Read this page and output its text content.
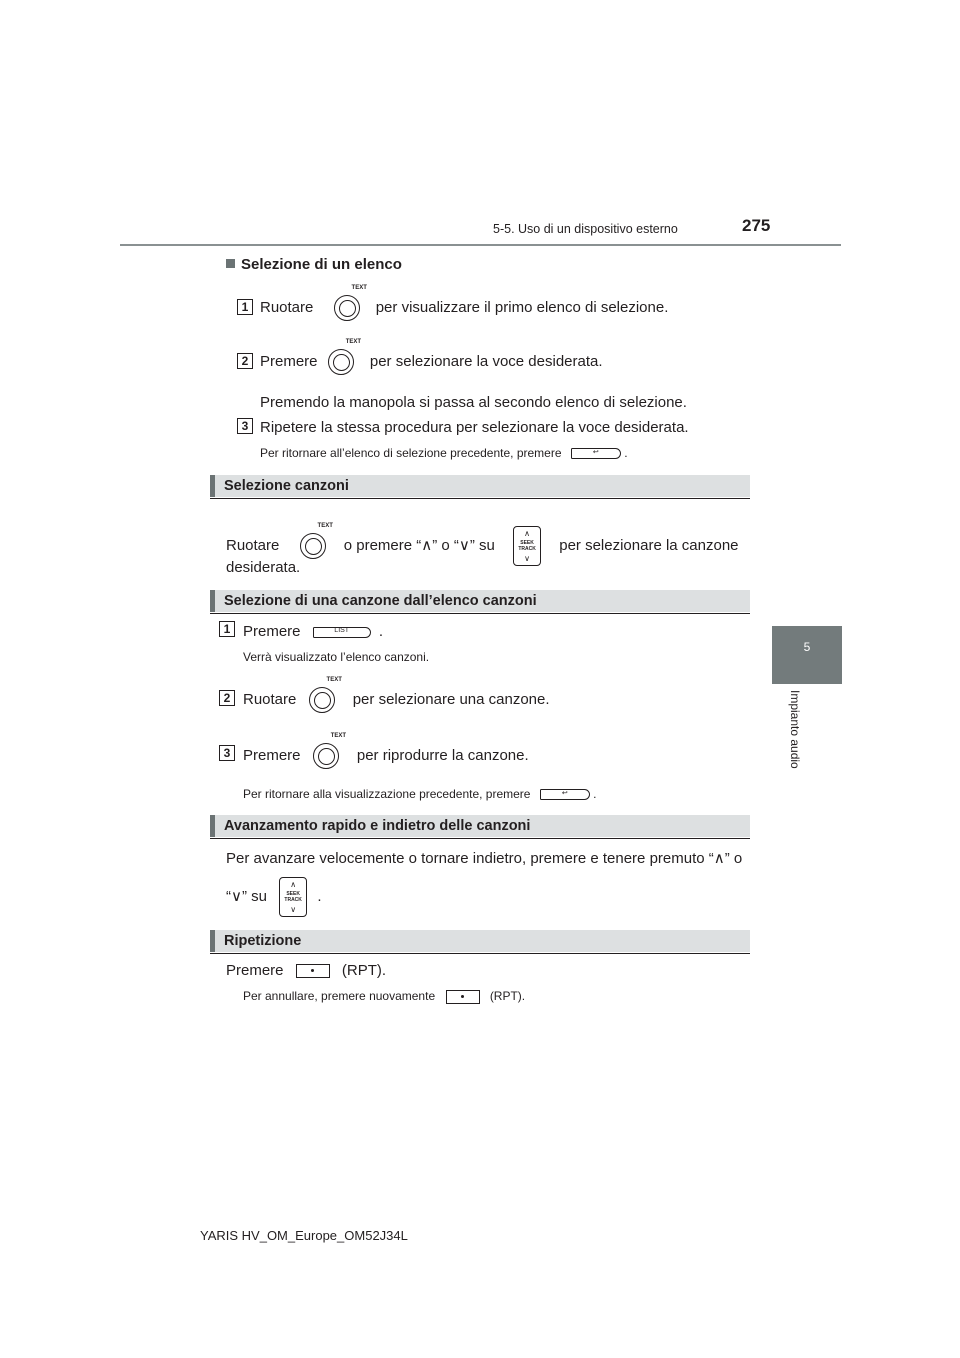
5-5. Uso di un dispositivo esterno	275
5
Impianto audio
Selezione di un elenco
1 Ruotare
TEXT
per visualizzare il primo elenco di selezione.
2 Premere
TEXT
per selezionare la voce desiderata.
Premendo la manopola si passa al secondo elenco di selezione.
3 Ripetere la stessa procedura per selezionare la voce desiderata.
Per ritornare all’elenco di selezione precedente, premere	↩	.
Selezione canzoni
Ruotare
TEXT
o premere “∧” o “∨” su
∧
SEEK
TRACK
∨
per selezionare la canzone
desiderata.
Selezione di una canzone dall’elenco canzoni
1 Premere	LIST	.
Verrà visualizzato l’elenco canzoni.
2 Ruotare
TEXT
per selezionare una canzone.
3 Premere
TEXT
per riprodurre la canzone.
Per ritornare alla visualizzazione precedente, premere	↩	.
Avanzamento rapido e indietro delle canzoni
Per avanzare velocemente o tornare indietro, premere e tenere premuto “∧” o
“∨” su
∧
SEEK
TRACK
∨
.
Ripetizione
Premere	(RPT).
Per annullare, premere nuovamente	(RPT).
YARIS HV_OM_Europe_OM52J34L
